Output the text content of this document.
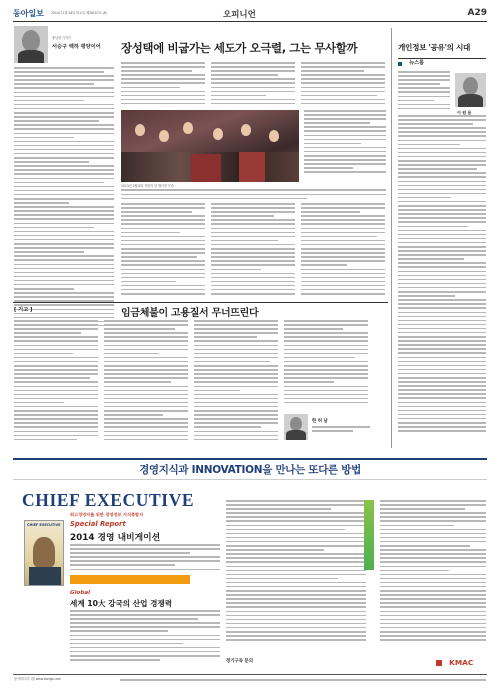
동아일보 2014년 1월 28일 화요일 제28157호 (8)	오피니언	A29
충남대 기자가
서승구 백하 평양이어 장성택에 비굽가는 세도가 오극렬, 그는 무사할까
2013년 2월 8일 북한의 한 행사장 모습
개인정보 '공유'의 시대
$^{뉴스룸}$
이 원 용
[ 기고 ]	임금체불이 고용질서 무너뜨린다
한 허 남
경영지식과 INNOVATION을 만나는 또다른 방법
CHIEF EXECUTIVE
최고경영자를 위한 경영정보 지식종합지
CHIEF EXECUTIVE Special Report
2014 경영 내비게이션
Global
세계 10大 강국의 산업 경쟁력
정기구독 문의	$^{KMAC}$
동아미디어그룹 www.donga.com
